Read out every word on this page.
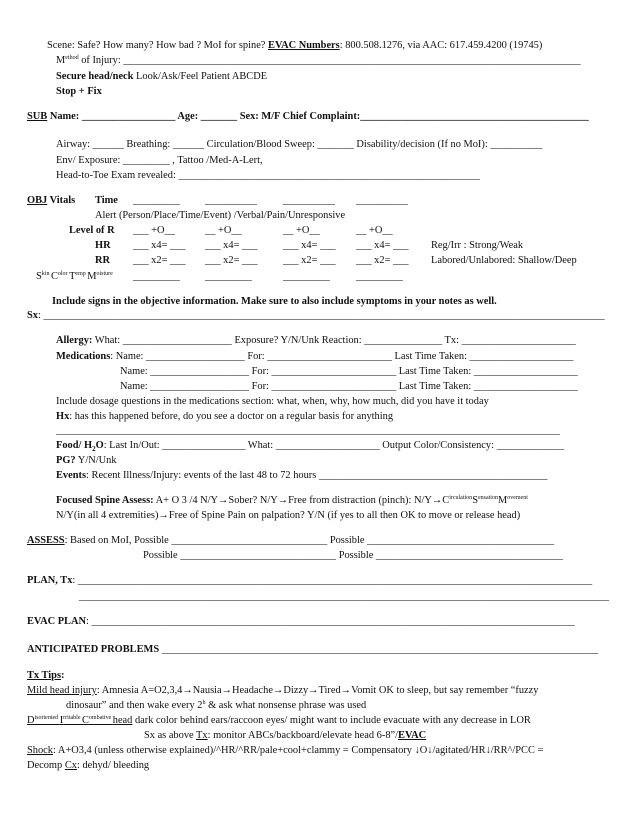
Scene: Safe? How many? How bad ? MoI for spine? EVAC Numbers: 800.508.1276, via AAC: 617.459.4200 (19745)
$M^{ethod}$ of Injury: ________________________________________________________________________________________
Secure head/neck Look/Ask/Feel Patient ABCDE
Stop + Fix
SUB Name: __________________ Age: _______ Sex: M/F Chief Complaint:____________________________________________
Airway: ______ Breathing: ______ Circulation/Blood Sweep: _______ Disability/decision (If no MoI): __________
Env/ Exposure: _________ , Tattoo /Med-A-Lert,
Head-to-Toe Exam revealed: __________________________________________________________
OBJ Vitals Time _________ __________	__________ __________
Alert (Person/Place/Time/Event) /Verbal/Pain/Unresponsive
Level of R ___ +O__	__ +O__	__ +O__	__ +O__
HR ___ x4= ___ ___ x4= ___ ___ x4= ___ ___ x4= ___ Reg/Irr : Strong/Weak
RR ___ x2= ___ ___ x2= ___ ___ x2= ___ ___ x2= ___ Labored/Unlabored: Shallow/Deep
$S^{kin}$ $C^{olor}$ $T^{emp}$ $M^{oisture}$ _________ _________	_________	_________
Include signs in the objective information. Make sure to also include symptoms in your notes as well.
Sx: ____________________________________________________________________________________________________________
Allergy: What: _____________________ Exposure? Y/N/Unk Reaction: _______________ Tx: ______________________
Medications: Name: ___________________ For: ________________________ Last Time Taken: ____________________
Name: ___________________ For: ________________________ Last Time Taken: ____________________
Name: ___________________ For: ________________________ Last Time Taken: ____________________
Include dosage questions in the medications section: what, when, why, how much, did you have it today
Hx: has this happened before, do you see a doctor on a regular basis for anything
_________________________________________________________________________________________________
Food/ $H_2O$: Last In/Out: ________________ What: ____________________ Output Color/Consistency: _____________
PG? Y/N/Unk
Events: Recent Illness/Injury: events of the last 48 to 72 hours ____________________________________________
Focused Spine Assess: A+ O 3 /4 N/Y→Sober? N/Y→Free from distraction (pinch): $N/Y\to C^{irculation}S^{ensation}M^{ovement}$
N/Y(in all 4 extremities)→Free of Spine Pain on palpation? Y/N (if yes to all then OK to move or release head)
ASSESS: Based on MoI, Possible ______________________________ Possible ____________________________________
Possible ______________________________ Possible ____________________________________
PLAN, Tx: ___________________________________________________________________________________________________
______________________________________________________________________________________________________
EVAC PLAN: _____________________________________________________________________________________________
ANTICIPATED PROBLEMS ____________________________________________________________________________________
Tx Tips:
Mild head injury: Amnesia A=O2,3,4→Nausia→Headache→Dizzy→Tired→Vomit OK to sleep, but say remember “fuzzy
dinosaur” and then wake every 2$^h$ & ask what nonsense phrase was used
$D^{isoriented}$ $I^{rritable}$ $C^{ombative}$ head dark color behind ears/raccoon eyes/ might want to include evacuate with any decrease in LOR
Sx as above Tx: monitor ABCs/backboard/elevate head 6-8”/EVAC
Shock: A+O3,4 (unless otherwise explained)/^HR/^RR/pale+cool+clammy = Compensatory ↓O↓/agitated/HR↓/RR^/PCC =
Decomp Cx: dehyd/ bleeding
